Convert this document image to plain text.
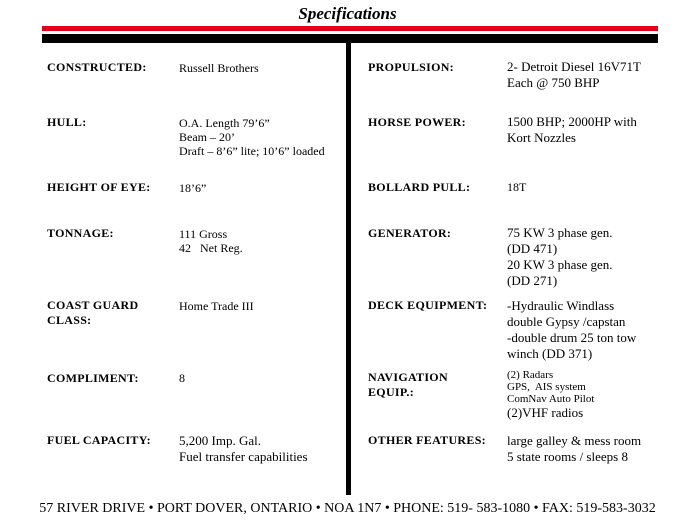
Specifications
CONSTRUCTED:	Russell Brothers
HULL:	O.A. Length 79’6”
Beam – 20’
Draft – 8’6” lite; 10’6” loaded
HEIGHT OF EYE: 18’6”
TONNAGE:	111 Gross
42   Net Reg.
COAST GUARD
CLASS:
Home Trade III
COMPLIMENT:	8
FUEL CAPACITY: 5,200 Imp. Gal.
Fuel transfer capabilities
PROPULSION:	2- Detroit Diesel 16V71T
Each @ 750 BHP
HORSE POWER:	1500 BHP; 2000HP with
Kort Nozzles
BOLLARD PULL:	18T
GENERATOR:	75 KW 3 phase gen.
(DD 471)
20 KW 3 phase gen.
(DD 271)
DECK EQUIPMENT: -Hydraulic Windlass
double Gypsy /capstan
-double drum 25 ton tow
winch (DD 371)
NAVIGATION
EQUIP.:
(2) Radars
GPS,  AIS system
ComNav Auto Pilot
(2)VHF radios
OTHER FEATURES: large galley & mess room
5 state rooms / sleeps 8
57 RIVER DRIVE • PORT DOVER, ONTARIO • NOA 1N7 • PHONE: 519- 583-1080 • FAX: 519-583-3032
